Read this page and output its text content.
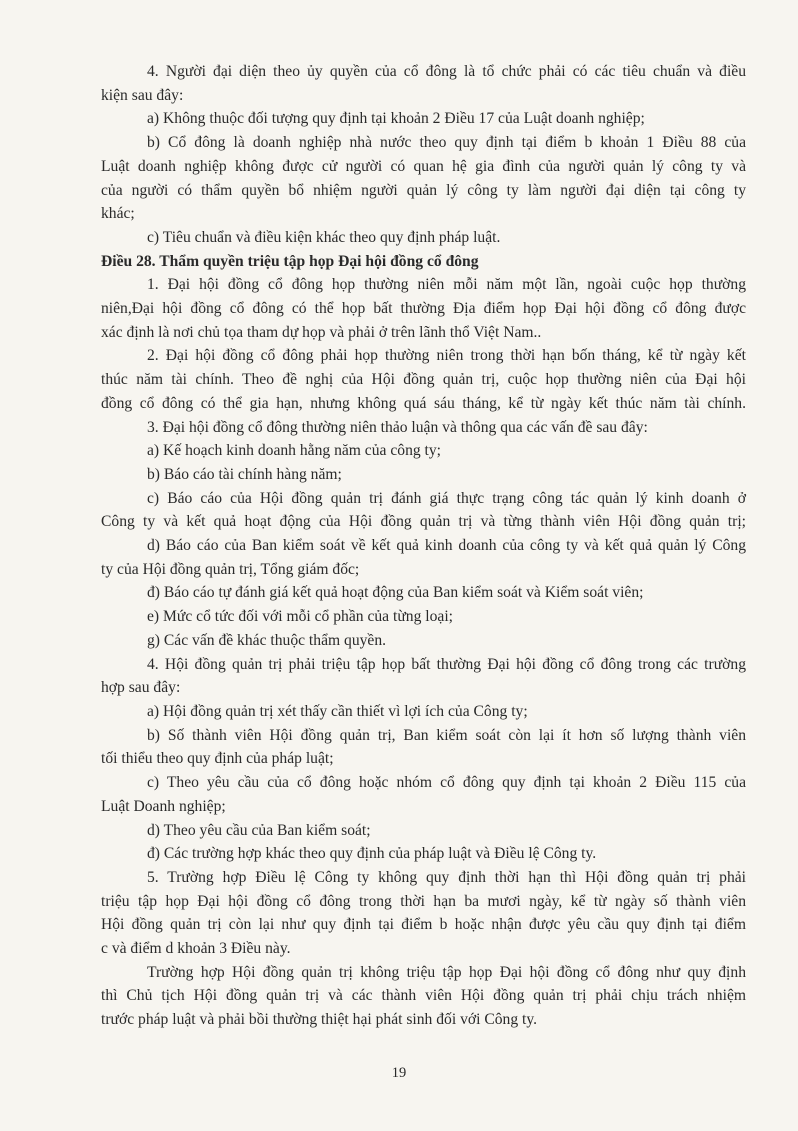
4. Người đại diện theo ủy quyền của cổ đông là tổ chức phải có các tiêu chuẩn và điều
kiện sau đây:
a) Không thuộc đối tượng quy định tại khoản 2 Điều 17 của Luật doanh nghiệp;
b) Cổ đông là doanh nghiệp nhà nước theo quy định tại điểm b khoản 1 Điều 88 của
Luật doanh nghiệp không được cử người có quan hệ gia đình của người quản lý công ty và
của người có thẩm quyền bổ nhiệm người quản lý công ty làm người đại diện tại công ty
khác;
c) Tiêu chuẩn và điều kiện khác theo quy định pháp luật.
Điều 28. Thẩm quyền triệu tập họp Đại hội đồng cổ đông
1. Đại hội đồng cổ đông họp thường niên mỗi năm một lần, ngoài cuộc họp thường
niên,Đại hội đồng cổ đông có thể họp bất thường Địa điểm họp Đại hội đồng cổ đông được
xác định là nơi chủ tọa tham dự họp và phải ở trên lãnh thổ Việt Nam..
2. Đại hội đồng cổ đông phải họp thường niên trong thời hạn bốn tháng, kể từ ngày kết
thúc năm tài chính. Theo đề nghị của Hội đồng quản trị, cuộc họp thường niên của Đại hội
đồng cổ đông có thể gia hạn, nhưng không quá sáu tháng, kể từ ngày kết thúc năm tài chính.
3. Đại hội đồng cổ đông thường niên thảo luận và thông qua các vấn đề sau đây:
a) Kế hoạch kinh doanh hằng năm của công ty;
b) Báo cáo tài chính hàng năm;
c) Báo cáo của Hội đồng quản trị đánh giá thực trạng công tác quản lý kinh doanh ở
Công ty và kết quả hoạt động của Hội đồng quản trị và từng thành viên Hội đồng quản trị;
d) Báo cáo của Ban kiểm soát về kết quả kinh doanh của công ty và kết quả quản lý Công
ty của Hội đồng quản trị, Tổng giám đốc;
đ) Báo cáo tự đánh giá kết quả hoạt động của Ban kiểm soát và Kiểm soát viên;
e) Mức cổ tức đối với mỗi cổ phần của từng loại;
g) Các vấn đề khác thuộc thẩm quyền.
4. Hội đồng quản trị phải triệu tập họp bất thường Đại hội đồng cổ đông trong các trường
hợp sau đây:
a) Hội đồng quản trị xét thấy cần thiết vì lợi ích của Công ty;
b) Số thành viên Hội đồng quản trị, Ban kiểm soát còn lại ít hơn số lượng thành viên
tối thiểu theo quy định của pháp luật;
c) Theo yêu cầu của cổ đông hoặc nhóm cổ đông quy định tại khoản 2 Điều 115 của
Luật Doanh nghiệp;
d) Theo yêu cầu của Ban kiểm soát;
đ) Các trường hợp khác theo quy định của pháp luật và Điều lệ Công ty.
5. Trường hợp Điều lệ Công ty không quy định thời hạn thì Hội đồng quản trị phải
triệu tập họp Đại hội đồng cổ đông trong thời hạn ba mươi ngày, kể từ ngày số thành viên
Hội đồng quản trị còn lại như quy định tại điểm b hoặc nhận được yêu cầu quy định tại điểm
c và điểm d khoản 3 Điều này.
Trường hợp Hội đồng quản trị không triệu tập họp Đại hội đồng cổ đông như quy định
thì Chủ tịch Hội đồng quản trị và các thành viên Hội đồng quản trị phải chịu trách nhiệm
trước pháp luật và phải bồi thường thiệt hại phát sinh đối với Công ty.
19
